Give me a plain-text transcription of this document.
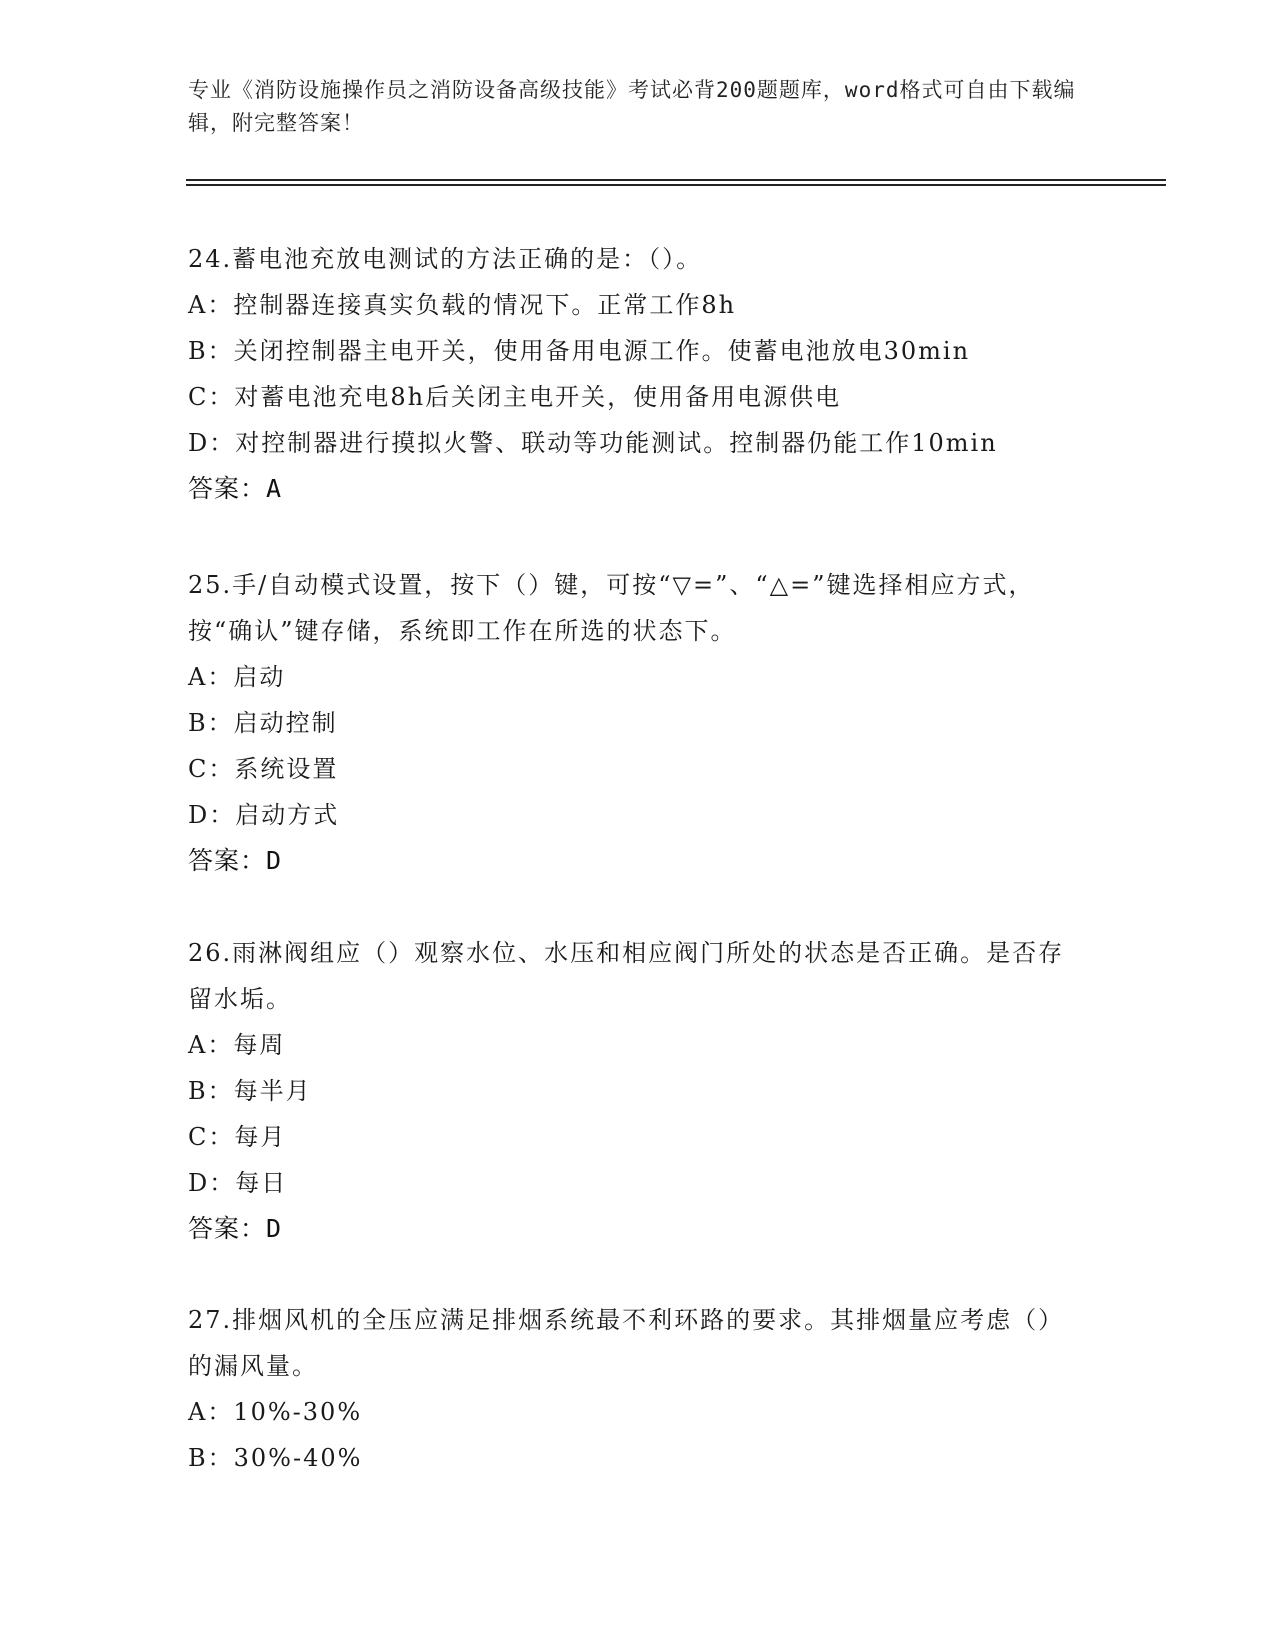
专业《消防设施操作员之消防设备高级技能》考试必背200题题库，word格式可自由下载编辑，附完整答案！

24.蓄电池充放电测试的方法正确的是：（）。

A：控制器连接真实负载的情况下。正常工作8h
B：关闭控制器主电开关，使用备用电源工作。使蓄电池放电30min
C：对蓄电池充电8h后关闭主电开关，使用备用电源供电
D：对控制器进行摸拟火警、联动等功能测试。控制器仍能工作10min
答案：A

25.手/自动模式设置，按下（）键，可按“▽=”、“△=”键选择相应方式，按“确认”键存储，系统即工作在所选的状态下。

A：启动
B：启动控制
C：系统设置
D：启动方式
答案：D

26.雨淋阀组应（）观察水位、水压和相应阀门所处的状态是否正确。是否存留水垢。

A：每周
B：每半月
C：每月
D：每日
答案：D

27.排烟风机的全压应满足排烟系统最不利环路的要求。其排烟量应考虑（）的漏风量。

A：10%-30%
B：30%-40%
